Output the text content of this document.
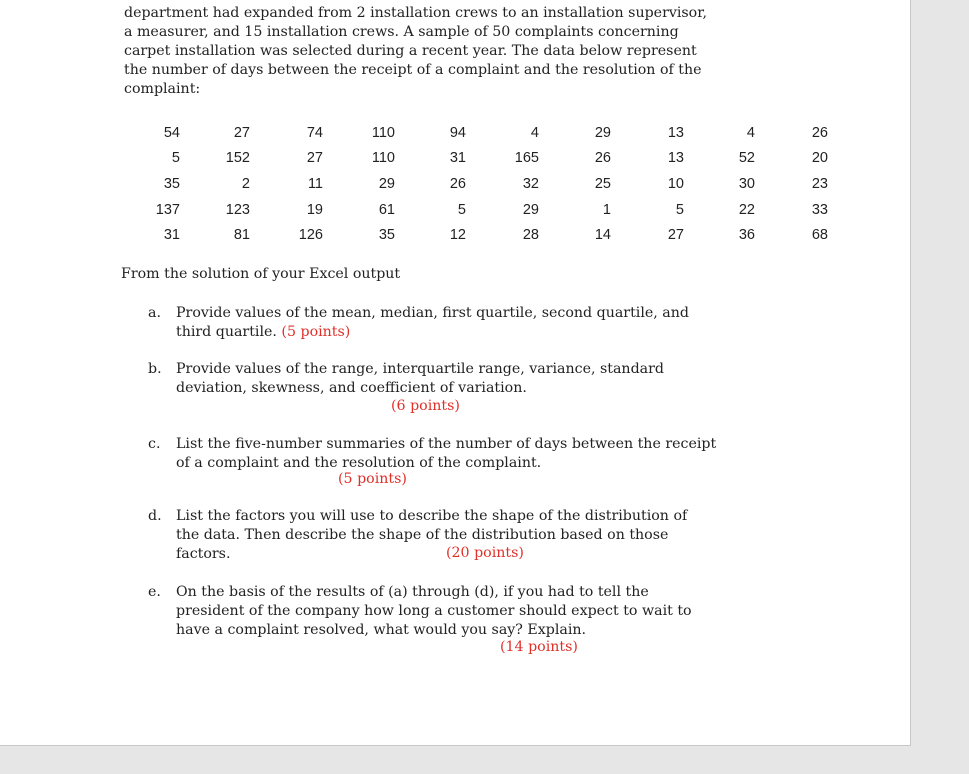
department had expanded from 2 installation crews to an installation supervisor,
a measurer, and 15 installation crews. A sample of 50 complaints concerning
carpet installation was selected during a recent year. The data below represent
the number of days between the receipt of a complaint and the resolution of the
complaint:
54	27	74	110	94	4	29	13	4	26
5	152	27	110	31	165	26	13	52	20
35	2	11	29	26	32	25	10	30	23
137	123	19	61	5	29	1	5	22	33
31	81	126	35	12	28	14	27	36	68
From the solution of your Excel output
a. Provide values of the mean, median, first quartile, second quartile, and
third quartile. (5 points)
b. Provide values of the range, interquartile range, variance, standard
deviation, skewness, and coefficient of variation.
(6 points)
c. List the five-number summaries of the number of days between the receipt
of a complaint and the resolution of the complaint.
(5 points)
d. List the factors you will use to describe the shape of the distribution of
the data. Then describe the shape of the distribution based on those
factors.	(20 points)
e. On the basis of the results of (a) through (d), if you had to tell the
president of the company how long a customer should expect to wait to
have a complaint resolved, what would you say? Explain.
(14 points)
